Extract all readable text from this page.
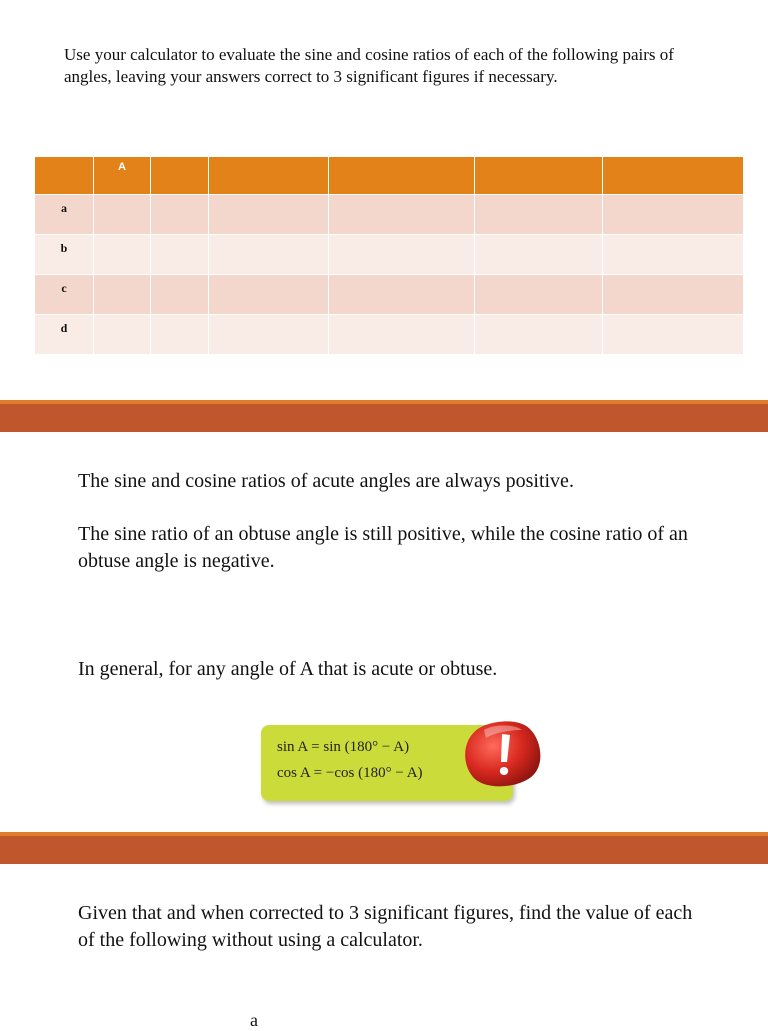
Use your calculator to evaluate the sine and cosine ratios of each of the following pairs of angles, leaving your answers correct to 3 significant figures if necessary.

	A					
a						
b						
c						
d						

The sine and cosine ratios of acute angles are always positive.

The sine ratio of an obtuse angle is still positive, while the cosine ratio of an obtuse angle is negative.

In general, for any angle of A that is acute or obtuse.

sin A = sin (180° − A)

cos A = −cos (180° − A)

Given that and when corrected to 3 significant figures, find the value of each of the following without using a calculator.

a
